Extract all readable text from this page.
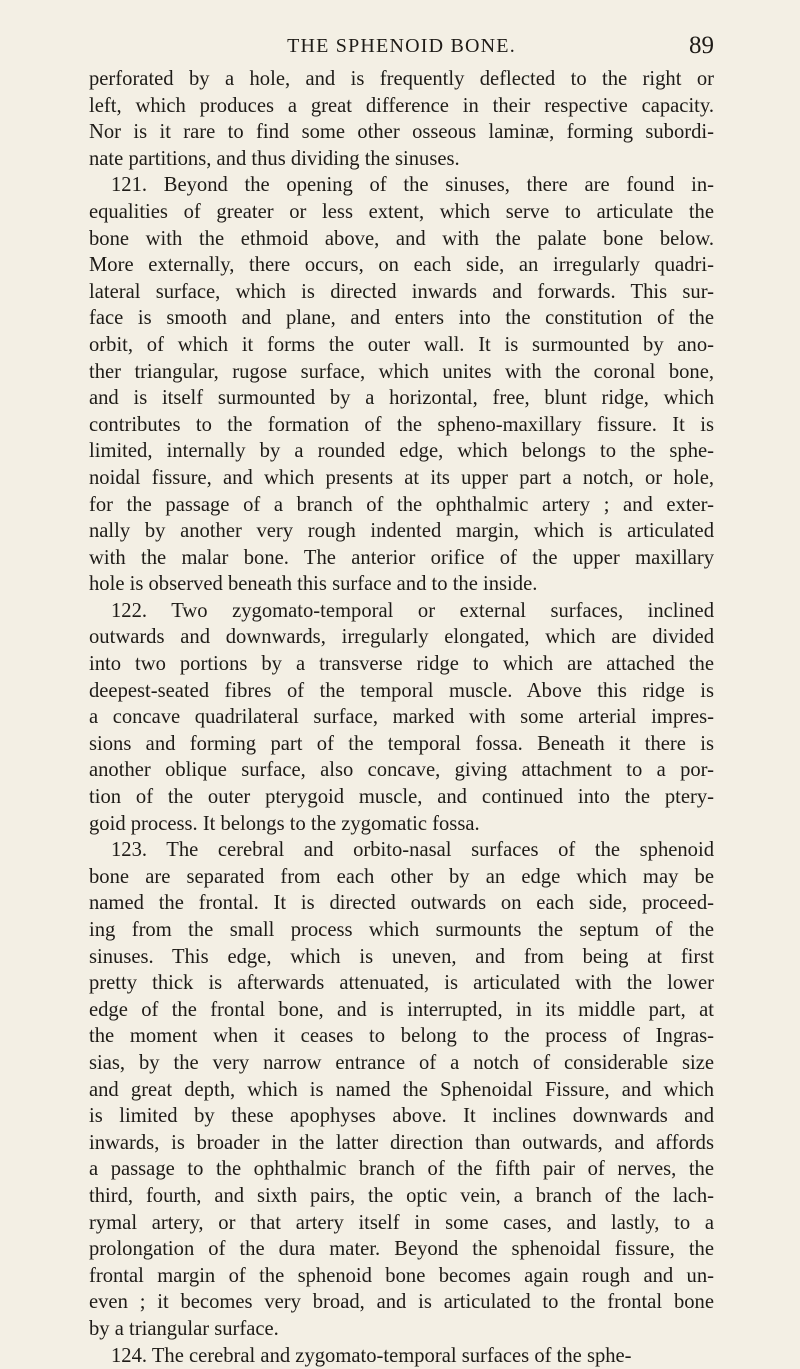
THE SPHENOID BONE.	89
perforated by a hole, and is frequently deflected to the right or
left, which produces a great difference in their respective capacity.
Nor is it rare to find some other osseous laminæ, forming subordi-
nate partitions, and thus dividing the sinuses.
121. Beyond the opening of the sinuses, there are found in-
equalities of greater or less extent, which serve to articulate the
bone with the ethmoid above, and with the palate bone below.
More externally, there occurs, on each side, an irregularly quadri-
lateral surface, which is directed inwards and forwards. This sur-
face is smooth and plane, and enters into the constitution of the
orbit, of which it forms the outer wall. It is surmounted by ano-
ther triangular, rugose surface, which unites with the coronal bone,
and is itself surmounted by a horizontal, free, blunt ridge, which
contributes to the formation of the spheno-maxillary fissure. It is
limited, internally by a rounded edge, which belongs to the sphe-
noidal fissure, and which presents at its upper part a notch, or hole,
for the passage of a branch of the ophthalmic artery ; and exter-
nally by another very rough indented margin, which is articulated
with the malar bone. The anterior orifice of the upper maxillary
hole is observed beneath this surface and to the inside.
122. Two zygomato-temporal or external surfaces, inclined
outwards and downwards, irregularly elongated, which are divided
into two portions by a transverse ridge to which are attached the
deepest-seated fibres of the temporal muscle. Above this ridge is
a concave quadrilateral surface, marked with some arterial impres-
sions and forming part of the temporal fossa. Beneath it there is
another oblique surface, also concave, giving attachment to a por-
tion of the outer pterygoid muscle, and continued into the ptery-
goid process. It belongs to the zygomatic fossa.
123. The cerebral and orbito-nasal surfaces of the sphenoid
bone are separated from each other by an edge which may be
named the frontal. It is directed outwards on each side, proceed-
ing from the small process which surmounts the septum of the
sinuses. This edge, which is uneven, and from being at first
pretty thick is afterwards attenuated, is articulated with the lower
edge of the frontal bone, and is interrupted, in its middle part, at
the moment when it ceases to belong to the process of Ingras-
sias, by the very narrow entrance of a notch of considerable size
and great depth, which is named the Sphenoidal Fissure, and which
is limited by these apophyses above. It inclines downwards and
inwards, is broader in the latter direction than outwards, and affords
a passage to the ophthalmic branch of the fifth pair of nerves, the
third, fourth, and sixth pairs, the optic vein, a branch of the lach-
rymal artery, or that artery itself in some cases, and lastly, to a
prolongation of the dura mater. Beyond the sphenoidal fissure, the
frontal margin of the sphenoid bone becomes again rough and un-
even ; it becomes very broad, and is articulated to the frontal bone
by a triangular surface.
124. The cerebral and zygomato-temporal surfaces of the sphe-
